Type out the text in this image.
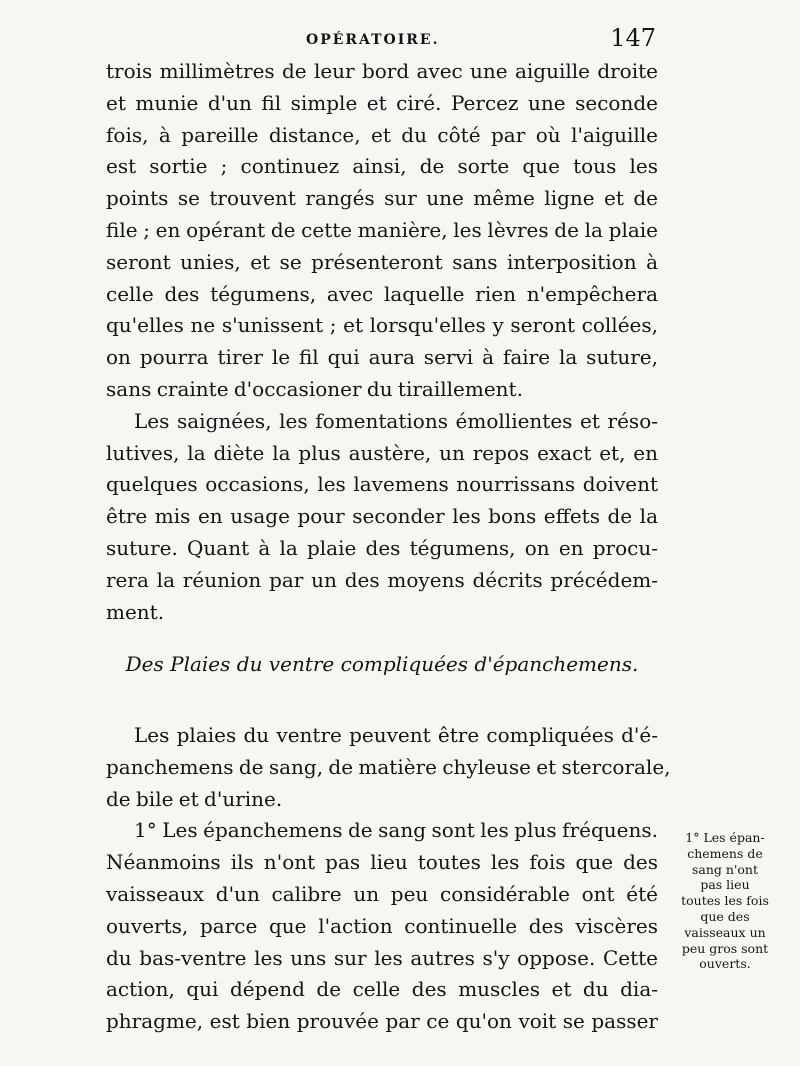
OPÉRATOIRE.	147
trois millimètres de leur bord avec une aiguille droite
et munie d'un fil simple et ciré. Percez une seconde
fois, à pareille distance, et du côté par où l'aiguille
est sortie ; continuez ainsi, de sorte que tous les
points se trouvent rangés sur une même ligne et de
file ; en opérant de cette manière, les lèvres de la plaie
seront unies, et se présenteront sans interposition à
celle des tégumens, avec laquelle rien n'empêchera
qu'elles ne s'unissent ; et lorsqu'elles y seront collées,
on pourra tirer le fil qui aura servi à faire la suture,
sans crainte d'occasioner du tiraillement.
Les saignées, les fomentations émollientes et réso-
lutives, la diète la plus austère, un repos exact et, en
quelques occasions, les lavemens nourrissans doivent
être mis en usage pour seconder les bons effets de la
suture. Quant à la plaie des tégumens, on en procu-
rera la réunion par un des moyens décrits précédem-
ment.
Des Plaies du ventre compliquées d'épanchemens.
Les plaies du ventre peuvent être compliquées d'é-
panchemens de sang, de matière chyleuse et stercorale,
de bile et d'urine.
1° Les épanchemens de sang sont les plus fréquens.
Néanmoins ils n'ont pas lieu toutes les fois que des
vaisseaux d'un calibre un peu considérable ont été
ouverts, parce que l'action continuelle des viscères
du bas-ventre les uns sur les autres s'y oppose. Cette
action, qui dépend de celle des muscles et du dia-
phragme, est bien prouvée par ce qu'on voit se passer
1° Les épan-
chemens de
sang n'ont
pas lieu
toutes les fois
que des
vaisseaux un
peu gros sont
ouverts.
